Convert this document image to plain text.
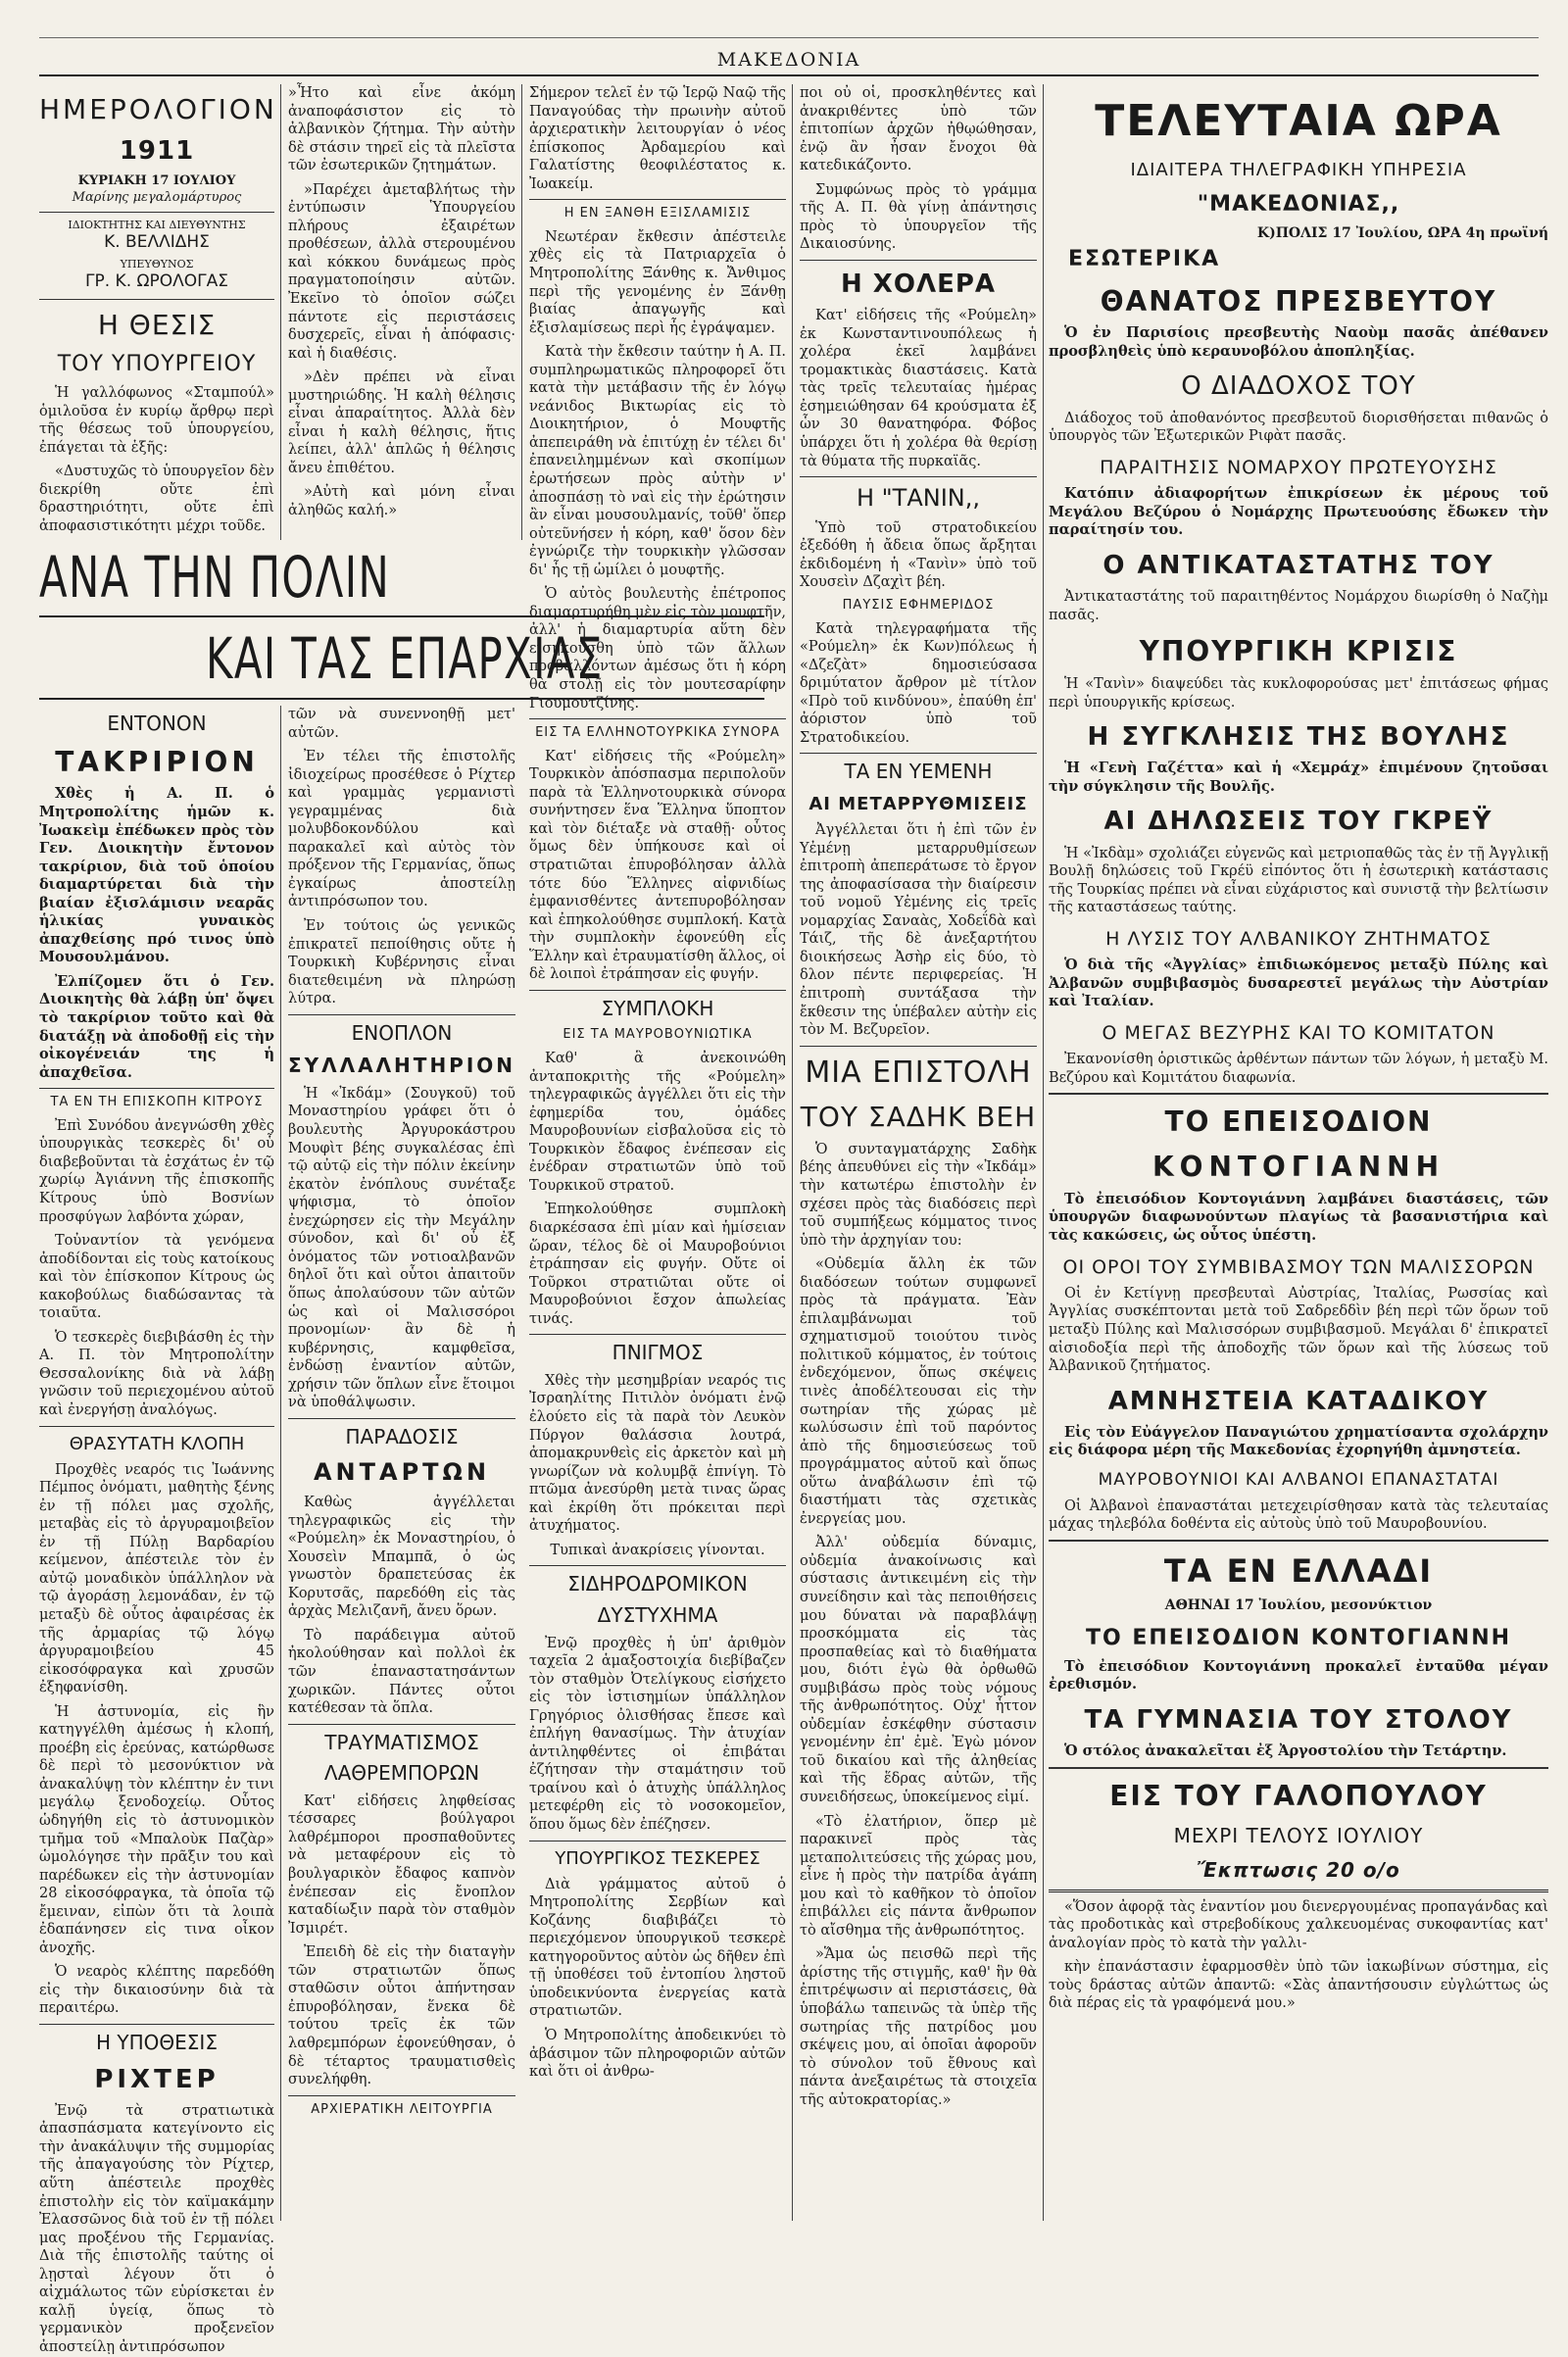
ΜΑΚΕΔΟΝΙΑ
ΗΜΕΡΟΛΟΓΙΟΝ
1911
ΚΥΡΙΑΚΗ 17 ΙΟΥΛΙΟΥ
Μαρίνης μεγαλομάρτυρος
ΙΔΙΟΚΤΗΤΗΣ ΚΑΙ ΔΙΕΥΘΥΝΤΗΣ
Κ. ΒΕΛΛΙΔΗΣ
ΥΠΕΥΘΥΝΟΣ
ΓΡ. Κ. ΩΡΟΛΟΓΑΣ
Η ΘΕΣΙΣ
ΤΟΥ ΥΠΟΥΡΓΕΙΟΥ

Ἡ γαλλόφωνος «Σταμπούλ» ὁμιλοῦσα ἐν κυρίῳ ἄρθρῳ περὶ τῆς θέσεως τοῦ ὑπουργείου, ἐπάγεται τὰ ἑξῆς:

«Δυστυχῶς τὸ ὑπουργεῖον δὲν διεκρίθη οὔτε ἐπὶ δραστηριότητι, οὔτε ἐπὶ ἀποφασιστικότητι μέχρι τοῦδε.

»Ἦτο καὶ εἶνε ἀκόμη ἀναποφάσιστον εἰς τὸ ἀλβανικὸν ζήτημα. Τὴν αὐτὴν δὲ στάσιν τηρεῖ εἰς τὰ πλεῖστα τῶν ἐσωτερικῶν ζητημάτων.

»Παρέχει ἀμεταβλήτως τὴν ἐντύπωσιν Ὑπουργείου πλήρους ἐξαιρέτων προθέσεων, ἀλλὰ στερουμένου καὶ κόκκου δυνάμεως πρὸς πραγματοποίησιν αὐτῶν. Ἐκεῖνο τὸ ὁποῖον σώζει πάντοτε εἰς περιστάσεις δυσχερεῖς, εἶναι ἡ ἀπόφασις· καὶ ἡ διαθέσις.

»Δὲν πρέπει νὰ εἶναι μυστηριώδης. Ἡ καλὴ θέλησις εἶναι ἀπαραίτητος. Ἀλλὰ δὲν εἶναι ἡ καλὴ θέλησις, ἥτις λείπει, ἀλλ' ἁπλῶς ἡ θέλησις ἄνευ ἐπιθέτου.

»Αὐτὴ καὶ μόνη εἶναι ἀληθῶς καλή.»

Σήμερον τελεῖ ἐν τῷ Ἱερῷ Ναῷ τῆς Παναγούδας τὴν πρωινὴν αὐτοῦ ἀρχιερατικὴν λειτουργίαν ὁ νέος ἐπίσκοπος Ἀρδαμερίου καὶ Γαλατίστης θεοφιλέστατος κ. Ἰωακείμ.

Η ΕΝ ΞΑΝΘΗ ΕΞΙΣΛΑΜΙΣΙΣ

Νεωτέραν ἔκθεσιν ἀπέστειλε χθὲς εἰς τὰ Πατριαρχεῖα ὁ Μητροπολίτης Ξάνθης κ. Ἄνθιμος περὶ τῆς γενομένης ἐν Ξάνθῃ βιαίας ἀπαγωγῆς καὶ ἐξισλαμίσεως περὶ ἧς ἐγράψαμεν.

Κατὰ τὴν ἔκθεσιν ταύτην ἡ Α. Π. συμπληρωματικῶς πληροφορεῖ ὅτι κατὰ τὴν μετάβασιν τῆς ἐν λόγῳ νεάνιδος Βικτωρίας εἰς τὸ Διοικητήριον, ὁ Μουφτῆς ἀπεπειράθη νὰ ἐπιτύχῃ ἐν τέλει δι' ἐπανειλημμένων καὶ σκοπίμων ἐρωτήσεων πρὸς αὐτὴν ν' ἀποσπάσῃ τὸ ναὶ εἰς τὴν ἐρώτησιν ἂν εἶναι μουσουλμανίς, τοῦθ' ὅπερ οὐτεῦνήσεν ἡ κόρη, καθ' ὅσον δὲν ἐγνώριζε τὴν τουρκικὴν γλῶσσαν δι' ἧς τῇ ὡμίλει ὁ μουφτῆς.

Ὁ αὐτὸς βουλευτὴς ἐπέτροπος διαμαρτυρήθη μὲν εἰς τὸν μουφτῆν, ἀλλ' ἡ διαμαρτυρία αὕτη δὲν εἰσηκούσθη ὑπὸ τῶν ἄλλων προβαλλόντων ἀμέσως ὅτι ἡ κόρη θὰ στολῇ εἰς τὸν μουτεσαρίφην Γιουμουτζίνης.

ΕΙΣ ΤΑ ΕΛΛΗΝΟΤΟΥΡΚΙΚΑ ΣΥΝΟΡΑ

Κατ' εἰδήσεις τῆς «Ρούμελη» Τουρκικὸν ἀπόσπασμα περιπολοῦν παρὰ τὰ Ἑλληνοτουρκικὰ σύνορα συνήντησεν ἕνα Ἕλληνα ὕποπτον καὶ τὸν διέταξε νὰ σταθῇ· οὗτος ὅμως δὲν ὑπήκουσε καὶ οἱ στρατιῶται ἐπυροβόλησαν ἀλλὰ τότε δύο Ἕλληνες αἰφνιδίως ἐμφανισθέντες ἀντεπυροβόλησαν καὶ ἐπηκολούθησε συμπλοκή. Κατὰ τὴν συμπλοκὴν ἐφονεύθη εἷς Ἕλλην καὶ ἐτραυματίσθη ἄλλος, οἱ δὲ λοιποὶ ἐτράπησαν εἰς φυγήν.

ΣΥΜΠΛΟΚΗ
ΕΙΣ ΤΑ ΜΑΥΡΟΒΟΥΝΙΩΤΙΚΑ

Καθ' ἃ ἀνεκοινώθη ἀνταποκριτὴς τῆς «Ρούμελη» τηλεγραφικῶς ἀγγέλλει ὅτι εἰς τὴν ἐφημερίδα του, ὁμάδες Μαυροβουνίων εἰσβαλοῦσα εἰς τὸ Τουρκικὸν ἔδαφος ἐνέπεσαν εἰς ἐνέδραν στρατιωτῶν ὑπὸ τοῦ Τουρκικοῦ στρατοῦ.

Ἐπηκολούθησε συμπλοκὴ διαρκέσασα ἐπὶ μίαν καὶ ἡμίσειαν ὥραν, τέλος δὲ οἱ Μαυροβούνιοι ἐτράπησαν εἰς φυγήν. Οὔτε οἱ Τοῦρκοι στρατιῶται οὔτε οἱ Μαυροβούνιοι ἔσχον ἀπωλείας τινάς.

ΠΝΙΓΜΟΣ

Χθὲς τὴν μεσημβρίαν νεαρός τις Ἰσραηλίτης Πιτιλὸν ὀνόματι ἐνῷ ἐλούετο εἰς τὰ παρὰ τὸν Λευκὸν Πύργον θαλάσσια λουτρά, ἀπομακρυνθεὶς εἰς ἀρκετὸν καὶ μὴ γνωρίζων νὰ κολυμβᾷ ἐπνίγη. Τὸ πτῶμα ἀνεσύρθη μετὰ τινας ὥρας καὶ ἐκρίθη ὅτι πρόκειται περὶ ἀτυχήματος.

Τυπικαὶ ἀνακρίσεις γίνονται.

ΣΙΔΗΡΟΔΡΟΜΙΚΟΝ
ΔΥΣΤΥΧΗΜΑ

Ἐνῷ προχθὲς ἡ ὑπ' ἀριθμὸν ταχεῖα 2 ἁμαξοστοιχία διεβίβαζεν τὸν σταθμὸν Ὀτελίγκους εἰσήχετο εἰς τὸν ἱστισημίων ὑπάλληλον Γρηγόριος ὀλισθήσας ἔπεσε καὶ ἐπλήγη θανασίμως. Τὴν ἀτυχίαν ἀντιληφθέντες οἱ ἐπιβάται ἐζήτησαν τὴν σταμάτησιν τοῦ τραίνου καὶ ὁ ἀτυχὴς ὑπάλληλος μετεφέρθη εἰς τὸ νοσοκομεῖον, ὅπου ὅμως δὲν ἐπέζησεν.

ΥΠΟΥΡΓΙΚΟΣ ΤΕΣΚΕΡΕΣ

Διὰ γράμματος αὐτοῦ ὁ Μητροπολίτης Σερβίων καὶ Κοζάνης διαβιβάζει τὸ περιεχόμενον ὑπουργικοῦ τεσκερὲ κατηγοροῦντος αὐτὸν ὡς δῆθεν ἐπὶ τῇ ὑποθέσει τοῦ ἐντοπίου ληστοῦ ὑποδεικνύοντα ἐνεργείας κατὰ στρατιωτῶν.

Ὁ Μητροπολίτης ἀποδεικνύει τὸ ἀβάσιμον τῶν πληροφοριῶν αὐτῶν καὶ ὅτι οἱ ἀνθρω-

ποι οὐ οἱ, προσκληθέντες καὶ ἀνακριθέντες ὑπὸ τῶν ἐπιτοπίων ἀρχῶν ἠθῳώθησαν, ἐνῷ ἂν ἦσαν ἔνοχοι θὰ κατεδικάζοντο.

Συμφώνως πρὸς τὸ γράμμα τῆς Α. Π. θὰ γίνῃ ἀπάντησις πρὸς τὸ ὑπουργεῖον τῆς Δικαιοσύνης.

Η ΧΟΛΕΡΑ

Κατ' εἰδήσεις τῆς «Ρούμελη» ἐκ Κωνσταντινουπόλεως ἡ χολέρα ἐκεῖ λαμβάνει τρομακτικὰς διαστάσεις. Κατὰ τὰς τρεῖς τελευταίας ἡμέρας ἐσημειώθησαν 64 κρούσματα ἐξ ὧν 30 θανατηφόρα. Φόβος ὑπάρχει ὅτι ἡ χολέρα θὰ θερίσῃ τὰ θύματα τῆς πυρκαϊᾶς.

Η "ΤΑΝΙΝ,,

Ὑπὸ τοῦ στρατοδικείου ἐξεδόθη ἡ ἄδεια ὅπως ἄρξηται ἐκδιδομένη ἡ «Τανὶν» ὑπὸ τοῦ Χουσεὶν Δζαχὶτ βέη.

ΠΑΥΣΙΣ ΕΦΗΜΕΡΙΔΟΣ

Κατὰ τηλεγραφήματα τῆς «Ρούμελη» ἐκ Κων)πόλεως ἡ «Δζεζὰτ» δημοσιεύσασα δριμύτατον ἄρθρον μὲ τίτλον «Πρὸ τοῦ κινδύνου», ἐπαύθη ἐπ' ἀόριστον ὑπὸ τοῦ Στρατοδικείου.

ΤΑ ΕΝ ΥΕΜΕΝΗ
ΑΙ ΜΕΤΑΡΡΥΘΜΙΣΕΙΣ

Ἀγγέλλεται ὅτι ἡ ἐπὶ τῶν ἐν Υἐμένῃ μεταρρυθμίσεων ἐπιτροπὴ ἀπεπεράτωσε τὸ ἔργον της ἀποφασίσασα τὴν διαίρεσιν τοῦ νομοῦ Υἐμένης εἰς τρεῖς νομαρχίας Σαναὰς, Χοδεΐδὰ καὶ Τάιζ, τῆς δὲ ἀνεξαρτήτου διοικήσεως Ἀσὴρ εἰς δύο, τὸ δλον πέντε περιφερείας. Ἡ ἐπιτροπὴ συντάξασα τὴν ἔκθεσιν της ὑπέβαλεν αὐτὴν εἰς τὸν Μ. Βεζυρεῖον.

ΜΙΑ ΕΠΙΣΤΟΛΗ
ΤΟΥ ΣΑΔΗΚ ΒΕΗ

Ὁ συνταγματάρχης Σαδὴκ βέης ἀπευθύνει εἰς τὴν «Ἰκδάμ» τὴν κατωτέρω ἐπιστολὴν ἐν σχέσει πρὸς τὰς διαδόσεις περὶ τοῦ συμπήξεως κόμματος τινος ὑπὸ τὴν ἀρχηγίαν του:

«Οὐδεμία ἄλλη ἐκ τῶν διαδόσεων τούτων συμφωνεῖ πρὸς τὰ πράγματα. Ἐὰν ἐπιλαμβάνωμαι τοῦ σχηματισμοῦ τοιούτου τινὸς πολιτικοῦ κόμματος, ἐν τούτοις ἐνδεχόμενον, ὅπως σκέψεις τινὲς ἀποδέλτεουσαι εἰς τὴν σωτηρίαν τῆς χώρας μὲ κωλύσωσιν ἐπὶ τοῦ παρόντος ἀπὸ τῆς δημοσιεύσεως τοῦ προγράμματος αὐτοῦ καὶ ὅπως οὕτω ἀναβάλωσιν ἐπὶ τῷ διαστήματι τὰς σχετικὰς ἐνεργείας μου.

Ἀλλ' οὐδεμία δύναμις, οὐδεμία ἀνακοίνωσις καὶ σύστασις ἀντικειμένη εἰς τὴν συνείδησιν καὶ τὰς πεποιθήσεις μου δύναται νὰ παραβλάψῃ προσκόμματα εἰς τὰς προσπαθείας καὶ τὸ διαθήματα μου, διότι ἐγὼ θὰ ὀρθωθῶ συμβιβάσω πρὸς τοὺς νόμους τῆς ἀνθρωπότητος. Οὐχ' ἧττον οὐδεμίαν ἐσκέφθην σύστασιν γενομένην ἐπ' ἐμὲ. Ἐγὼ μόνον τοῦ δικαίου καὶ τῆς ἀληθείας καὶ τῆς ἕδρας αὐτῶν, τῆς συνειδήσεως, ὑποκείμενος εἰμί.

«Τὸ ἐλατήριον, ὅπερ μὲ παρακινεῖ πρὸς τὰς μεταπολιτεύσεις τῆς χώρας μου, εἶνε ἡ πρὸς τὴν πατρίδα ἀγάπη μου καὶ τὸ καθῆκον τὸ ὁποῖον ἐπιβάλλει εἰς πάντα ἄνθρωπον τὸ αἴσθημα τῆς ἀνθρωπότητος.

»Ἅμα ὡς πεισθῶ περὶ τῆς ἀρίστης τῆς στιγμῆς, καθ' ἣν θὰ ἐπιτρέψωσιν αἱ περιστάσεις, θὰ ὑποβάλω ταπεινῶς τὰ ὑπὲρ τῆς σωτηρίας τῆς πατρίδος μου σκέψεις μου, αἱ ὁποῖαι ἀφοροῦν τὸ σύνολον τοῦ ἔθνους καὶ πάντα ἀνεξαιρέτως τὰ στοιχεῖα τῆς αὐτοκρατορίας.»

ΑΝΑ ΤΗΝ ΠΟΛΙΝ
ΚΑΙ ΤΑΣ ΕΠΑΡΧΙΑΣ
ΕΝΤΟΝΟΝ
ΤΑΚΡΙΡΙΟΝ

Χθὲς ἡ Α. Π. ὁ Μητροπολίτης ἡμῶν κ. Ἰωακεὶμ ἐπέδωκεν πρὸς τὸν Γεν. Διοικητὴν ἔντονον τακρίριον, διὰ τοῦ ὁποίου διαμαρτύρεται διὰ τὴν βιαίαν ἐξισλάμισιν νεαρᾶς ἡλικίας γυναικὸς ἀπαχθείσης πρό τινος ὑπὸ Μουσουλμάνου.

Ἐλπίζομεν ὅτι ὁ Γεν. Διοικητὴς θὰ λάβῃ ὑπ' ὄψει τὸ τακρίριον τοῦτο καὶ θὰ διατάξῃ νὰ ἀποδοθῇ εἰς τὴν οἰκογένειάν της ἡ ἀπαχθεῖσα.

ΤΑ ΕΝ ΤΗ ΕΠΙΣΚΟΠΗ ΚΙΤΡΟΥΣ

Ἐπὶ Συνόδου ἀνεγνώσθη χθὲς ὑπουργικὰς τεσκερὲς δι' οὗ διαβεβοῦνται τὰ ἐσχάτως ἐν τῷ χωρίῳ Ἀγιάννη τῆς ἐπισκοπῆς Κίτρους ὑπὸ Βοσνίων προσφύγων λαβόντα χώραν,

Τοὐναντίον τὰ γενόμενα ἀποδίδονται εἰς τοὺς κατοίκους καὶ τὸν ἐπίσκοπον Κίτρους ὡς κακοβούλως διαδώσαντας τὰ τοιαῦτα.

Ὁ τεσκερὲς διεβιβάσθη ἐς τὴν Α. Π. τὸν Μητροπολίτην Θεσσαλονίκης διὰ νὰ λάβῃ γνῶσιν τοῦ περιεχομένου αὐτοῦ καὶ ἐνεργήσῃ ἀναλόγως.

ΘΡΑΣΥΤΑΤΗ ΚΛΟΠΗ

Προχθὲς νεαρός τις Ἰωάννης Πέμπος ὀνόματι, μαθητὴς ξένης ἐν τῇ πόλει μας σχολῆς, μεταβὰς εἰς τὸ ἀργυραμοιβεῖον ἐν τῇ Πύλῃ Βαρδαρίου κείμενον, ἀπέστειλε τὸν ἐν αὐτῷ μοναδικὸν ὑπάλληλον νὰ τῷ ἀγοράσῃ λεμονάδαν, ἐν τῷ μεταξὺ δὲ οὗτος ἀφαιρέσας ἐκ τῆς ἀρμαρίας τῷ λόγῳ ἀργυραμοιβείου 45 εἰκοσόφραγκα καὶ χρυσῶν ἐξηφανίσθη.

Ἡ ἀστυνομία, εἰς ἣν κατηγγέλθη ἀμέσως ἡ κλοπή, προέβη εἰς ἐρεύνας, κατώρθωσε δὲ περὶ τὸ μεσονύκτιον νὰ ἀνακαλύψῃ τὸν κλέπτην ἐν τινι μεγάλῳ ξενοδοχείῳ. Οὗτος ὡδηγήθη εἰς τὸ ἀστυνομικὸν τμῆμα τοῦ «Μπαλοὺκ Παζὰρ» ὡμολόγησε τὴν πρᾶξιν του καὶ παρέδωκεν εἰς τὴν ἀστυνομίαν 28 εἰκοσόφραγκα, τὰ ὁποῖα τῷ ἔμειναν, εἰπὼν ὅτι τὰ λοιπὰ ἐδαπάνησεν εἰς τινα οἶκον ἀνοχῆς.

Ὁ νεαρὸς κλέπτης παρεδόθη εἰς τὴν δικαιοσύνην διὰ τὰ περαιτέρω.

Η ΥΠΟΘΕΣΙΣ
ΡΙΧΤΕΡ

Ἐνῷ τὰ στρατιωτικὰ ἀπασπάσματα κατεγίνοντο εἰς τὴν ἀνακάλυψιν τῆς συμμορίας τῆς ἀπαγαγούσης τὸν Ρίχτερ, αὕτη ἀπέστειλε προχθὲς ἐπιστολὴν εἰς τὸν καϊμακάμην Ἐλασσῶνος διὰ τοῦ ἐν τῇ πόλει μας προξένου τῆς Γερμανίας. Διὰ τῆς ἐπιστολῆς ταύτης οἱ λῃσταὶ λέγουν ὅτι ὁ αἰχμάλωτος τῶν εὑρίσκεται ἐν καλῇ ὑγείᾳ, ὅπως τὸ γερμανικὸν προξενεῖον ἀποστείλῃ ἀντιπρόσωπον

τῶν νὰ συνεννοηθῇ μετ' αὐτῶν.

Ἐν τέλει τῆς ἐπιστολῆς ἰδιοχείρως προσέθεσε ὁ Ρίχτερ καὶ γραμμὰς γερμανιστὶ γεγραμμένας διὰ μολυβδοκονδύλου καὶ παρακαλεῖ καὶ αὐτὸς τὸν πρόξενον τῆς Γερμανίας, ὅπως ἐγκαίρως ἀποστείλῃ ἀντιπρόσωπον του.

Ἐν τούτοις ὡς γενικῶς ἐπικρατεῖ πεποίθησις οὔτε ἡ Τουρκικὴ Κυβέρνησις εἶναι διατεθειμένη νὰ πληρώσῃ λύτρα.

ΕΝΟΠΛΟΝ
ΣΥΛΛΑΛΗΤΗΡΙΟΝ

Ἡ «Ἰκδάμ» (Σουγκοῦ) τοῦ Μοναστηρίου γράφει ὅτι ὁ βουλευτὴς Ἀργυροκάστρου Μουφὶτ βέης συγκαλέσας ἐπὶ τῷ αὐτῷ εἰς τὴν πόλιν ἐκείνην ἐκατὸν ἐνόπλους συνέταξε ψήφισμα, τὸ ὁποῖον ἐνεχώρησεν εἰς τὴν Μεγάλην σύνοδον, καὶ δι' οὗ ἐξ ὀνόματος τῶν νοτιοαλβανῶν δηλοῖ ὅτι καὶ οὗτοι ἀπαιτοῦν ὅπως ἀπολαύσουν τῶν αὐτῶν ὡς καὶ οἱ Μαλισσόροι προνομίων· ἂν δὲ ἡ κυβέρνησις, καμφθεῖσα, ἐνδώσῃ ἐναντίον αὐτῶν, χρήσιν τῶν ὅπλων εἶνε ἕτοιμοι νὰ ὑποθάλψωσιν.

ΠΑΡΑΔΟΣΙΣ
ΑΝΤΑΡΤΩΝ

Καθὼς ἀγγέλλεται τηλεγραφικῶς εἰς τὴν «Ρούμελη» ἐκ Μοναστηρίου, ὁ Χουσεὶν Μπαμπᾶ, ὁ ὡς γνωστὸν δραπετεύσας ἐκ Κορυτσᾶς, παρεδόθη εἰς τὰς ἀρχὰς Μελιζανῆ, ἄνευ ὅρων.

Τὸ παράδειγμα αὐτοῦ ἠκολούθησαν καὶ πολλοὶ ἐκ τῶν ἐπαναστατησάντων χωρικῶν. Πάντες οὗτοι κατέθεσαν τὰ ὅπλα.

ΤΡΑΥΜΑΤΙΣΜΟΣ
ΛΑΘΡΕΜΠΟΡΩΝ

Κατ' εἰδήσεις ληφθείσας τέσσαρες βούλγαροι λαθρέμποροι προσπαθοῦντες νὰ μεταφέρουν εἰς τὸ βουλγαρικὸν ἔδαφος καπνὸν ἐνέπεσαν εἰς ἔνοπλον καταδίωξιν παρὰ τὸν σταθμὸν Ἰσμιρέτ.

Ἐπειδὴ δὲ εἰς τὴν διαταγὴν τῶν στρατιωτῶν ὅπως σταθῶσιν οὗτοι ἀπήντησαν ἐπυροβόλησαν, ἕνεκα δὲ τούτου τρεῖς ἐκ τῶν λαθρεμπόρων ἐφονεύθησαν, ὁ δὲ τέταρτος τραυματισθεὶς συνελήφθη.

ΑΡΧΙΕΡΑΤΙΚΗ ΛΕΙΤΟΥΡΓΙΑ
ΤΕΛΕΥΤΑΙΑ ΩΡΑ
ΙΔΙΑΙΤΕΡΑ ΤΗΛΕΓΡΑΦΙΚΗ ΥΠΗΡΕΣΙΑ
"ΜΑΚΕΔΟΝΙΑΣ,,
Κ)ΠΟΛΙΣ 17 Ἰουλίου, ΩΡΑ 4η πρωϊνή
ΕΣΩΤΕΡΙΚΑ
ΘΑΝΑΤΟΣ ΠΡΕΣΒΕΥΤΟΥ

Ὁ ἐν Παρισίοις πρεσβευτὴς Ναοὺμ πασᾶς ἀπέθανεν προσβληθεὶς ὑπὸ κεραυνοβόλου ἀποπληξίας.

Ο ΔΙΑΔΟΧΟΣ ΤΟΥ

Διάδοχος τοῦ ἀποθανόντος πρεσβευτοῦ διορισθήσεται πιθανῶς ὁ ὑπουργὸς τῶν Ἐξωτερικῶν Ριφὰτ πασᾶς.

ΠΑΡΑΙΤΗΣΙΣ ΝΟΜΑΡΧΟΥ ΠΡΩΤΕΥΟΥΣΗΣ

Κατόπιν ἀδιαφορήτων ἐπικρίσεων ἐκ μέρους τοῦ Μεγάλου Βεζύρου ὁ Νομάρχης Πρωτευούσης ἔδωκεν τὴν παραίτησίν του.

Ο ΑΝΤΙΚΑΤΑΣΤΑΤΗΣ ΤΟΥ

Ἀντικαταστάτης τοῦ παραιτηθέντος Νομάρχου διωρίσθη ὁ Ναζὴμ πασᾶς.

ΥΠΟΥΡΓΙΚΗ ΚΡΙΣΙΣ

Ἡ «Τανὶν» διαψεύδει τὰς κυκλοφορούσας μετ' ἐπιτάσεως φήμας περὶ ὑπουργικῆς κρίσεως.

Η ΣΥΓΚΛΗΣΙΣ ΤΗΣ ΒΟΥΛΗΣ

Ἡ «Γενὴ Γαζέττα» καὶ ἡ «Χεμράχ» ἐπιμένουν ζητοῦσαι τὴν σύγκλησιν τῆς Βουλῆς.

ΑΙ ΔΗΛΩΣΕΙΣ ΤΟΥ ΓΚΡΕΫ

Ἡ «Ἰκδὰμ» σχολιάζει εὐγενῶς καὶ μετριοπαθῶς τὰς ἐν τῇ Ἀγγλικῇ Βουλῇ δηλώσεις τοῦ Γκρέϋ εἰπόντος ὅτι ἡ ἐσωτερικὴ κατάστασις τῆς Τουρκίας πρέπει νὰ εἶναι εὐχάριστος καὶ συνιστᾷ τὴν βελτίωσιν τῆς καταστάσεως ταύτης.

Η ΛΥΣΙΣ ΤΟΥ ΑΛΒΑΝΙΚΟΥ ΖΗΤΗΜΑΤΟΣ

Ὁ διὰ τῆς «Ἀγγλίας» ἐπιδιωκόμενος μεταξὺ Πύλης καὶ Ἀλβανῶν συμβιβασμὸς δυσαρεστεῖ μεγάλως τὴν Αὐστρίαν καὶ Ἰταλίαν.

Ο ΜΕΓΑΣ ΒΕΖΥΡΗΣ ΚΑΙ ΤΟ ΚΟΜΙΤΑΤΟΝ

Ἐκανονίσθη ὁριστικῶς ἀρθέντων πάντων τῶν λόγων, ἡ μεταξὺ Μ. Βεζύρου καὶ Κομιτάτου διαφωνία.

ΤΟ ΕΠΕΙΣΟΔΙΟΝ
ΚΟΝΤΟΓΙΑΝΝΗ

Τὸ ἐπεισόδιον Κοντογιάννη λαμβάνει διαστάσεις, τῶν ὑπουργῶν διαφωνούντων πλαγίως τὰ βασανιστήρια καὶ τὰς κακώσεις, ὡς οὗτος ὑπέστη.

ΟΙ ΟΡΟΙ ΤΟΥ ΣΥΜΒΙΒΑΣΜΟΥ ΤΩΝ ΜΑΛΙΣΣΟΡΩΝ

Οἱ ἐν Κετίγνῃ πρεσβευταὶ Αὐστρίας, Ἰταλίας, Ρωσσίας καὶ Ἀγγλίας συσκέπτονται μετὰ τοῦ Σαδρεδδὶν βέη περὶ τῶν ὅρων τοῦ μεταξὺ Πύλης καὶ Μαλισσόρων συμβιβασμοῦ. Μεγάλαι δ' ἐπικρατεῖ αἰσιοδοξία περὶ τῆς ἀποδοχῆς τῶν ὅρων καὶ τῆς λύσεως τοῦ Ἀλβανικοῦ ζητήματος.

ΑΜΝΗΣΤΕΙΑ ΚΑΤΑΔΙΚΟΥ

Εἰς τὸν Εὐάγγελον Παναγιώτου χρηματίσαντα σχολάρχην εἰς διάφορα μέρη τῆς Μακεδονίας ἐχορηγήθη ἀμνηστεία.

ΜΑΥΡΟΒΟΥΝΙΟΙ ΚΑΙ ΑΛΒΑΝΟΙ ΕΠΑΝΑΣΤΑΤΑΙ

Οἱ Ἀλβανοὶ ἐπαναστάται μετεχειρίσθησαν κατὰ τὰς τελευταίας μάχας τηλεβόλα δοθέντα εἰς αὐτοὺς ὑπὸ τοῦ Μαυροβουνίου.

ΤΑ ΕΝ ΕΛΛΑΔΙ
ΑΘΗΝΑΙ 17 Ἰουλίου, μεσονύκτιον
ΤΟ ΕΠΕΙΣΟΔΙΟΝ ΚΟΝΤΟΓΙΑΝΝΗ

Τὸ ἐπεισόδιον Κοντογιάννη προκαλεῖ ἐνταῦθα μέγαν ἐρεθισμόν.

ΤΑ ΓΥΜΝΑΣΙΑ ΤΟΥ ΣΤΟΛΟΥ

Ὁ στόλος ἀνακαλεῖται ἐξ Ἀργοστολίου τὴν Τετάρτην.

ΕΙΣ ΤΟΥ ΓΑΛΟΠΟΥΛΟΥ
ΜΕΧΡΙ ΤΕΛΟΥΣ ΙΟΥΛΙΟΥ
Ἔκπτωσις 20 ο/ο

«Ὅσον ἀφορᾷ τὰς ἐναντίον μου διενεργουμένας προπαγάνδας καὶ τὰς προδοτικὰς καὶ στρεβοδίκους χαλκευομένας συκοφαντίας κατ' ἀναλογίαν πρὸς τὸ κατὰ τὴν γαλλι-

κὴν ἐπανάστασιν ἐφαρμοσθὲν ὑπὸ τῶν ἰακωβίνων σύστημα, εἰς τοὺς δράστας αὐτῶν ἀπαντῶ: «Σὰς ἀπαντήσουσιν εὐγλώττως ὡς διὰ πέρας εἰς τὰ γραφόμενά μου.»
